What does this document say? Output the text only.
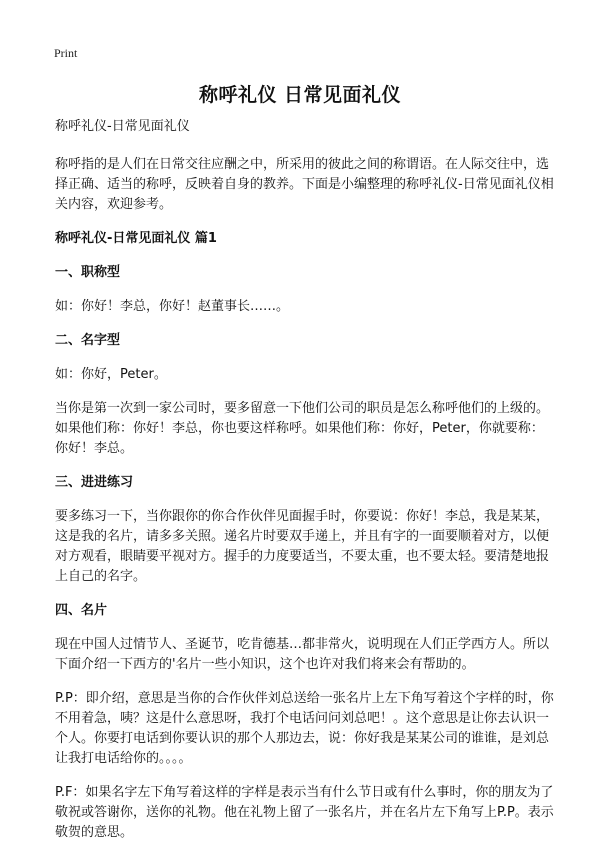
Print
称呼礼仪 日常见面礼仪

称呼礼仪-日常见面礼仪

称呼指的是人们在日常交往应酬之中，所采用的彼此之间的称谓语。在人际交往中，选择正确、适当的称呼，反映着自身的教养。下面是小编整理的称呼礼仪-日常见面礼仪相关内容，欢迎参考。

称呼礼仪-日常见面礼仪 篇1

一、职称型

如：你好！李总，你好！赵董事长……。

二、名字型

如：你好，Peter。

当你是第一次到一家公司时，要多留意一下他们公司的职员是怎么称呼他们的上级的。如果他们称：你好！李总，你也要这样称呼。如果他们称：你好，Peter，你就要称：你好！李总。

三、进进练习

要多练习一下，当你跟你的你合作伙伴见面握手时，你要说：你好！李总，我是某某，这是我的名片，请多多关照。递名片时要双手递上，并且有字的一面要顺着对方，以便对方观看，眼睛要平视对方。握手的力度要适当，不要太重，也不要太轻。要清楚地报上自己的名字。

四、名片

现在中国人过情节人、圣诞节，吃肯德基…都非常火，说明现在人们正学西方人。所以下面介绍一下西方的'名片一些小知识，这个也许对我们将来会有帮助的。

P.P：即介绍，意思是当你的合作伙伴刘总送给一张名片上左下角写着这个字样的时，你不用着急，咦？这是什么意思呀，我打个电话问问刘总吧！。这个意思是让你去认识一个人。你要打电话到你要认识的那个人那边去，说：你好我是某某公司的谁谁，是刘总让我打电话给你的。。。。

P.F：如果名字左下角写着这样的字样是表示当有什么节日或有什么事时，你的朋友为了敬祝或答谢你，送你的礼物。他在礼物上留了一张名片，并在名片左下角写上P.P。表示敬贺的意思。
